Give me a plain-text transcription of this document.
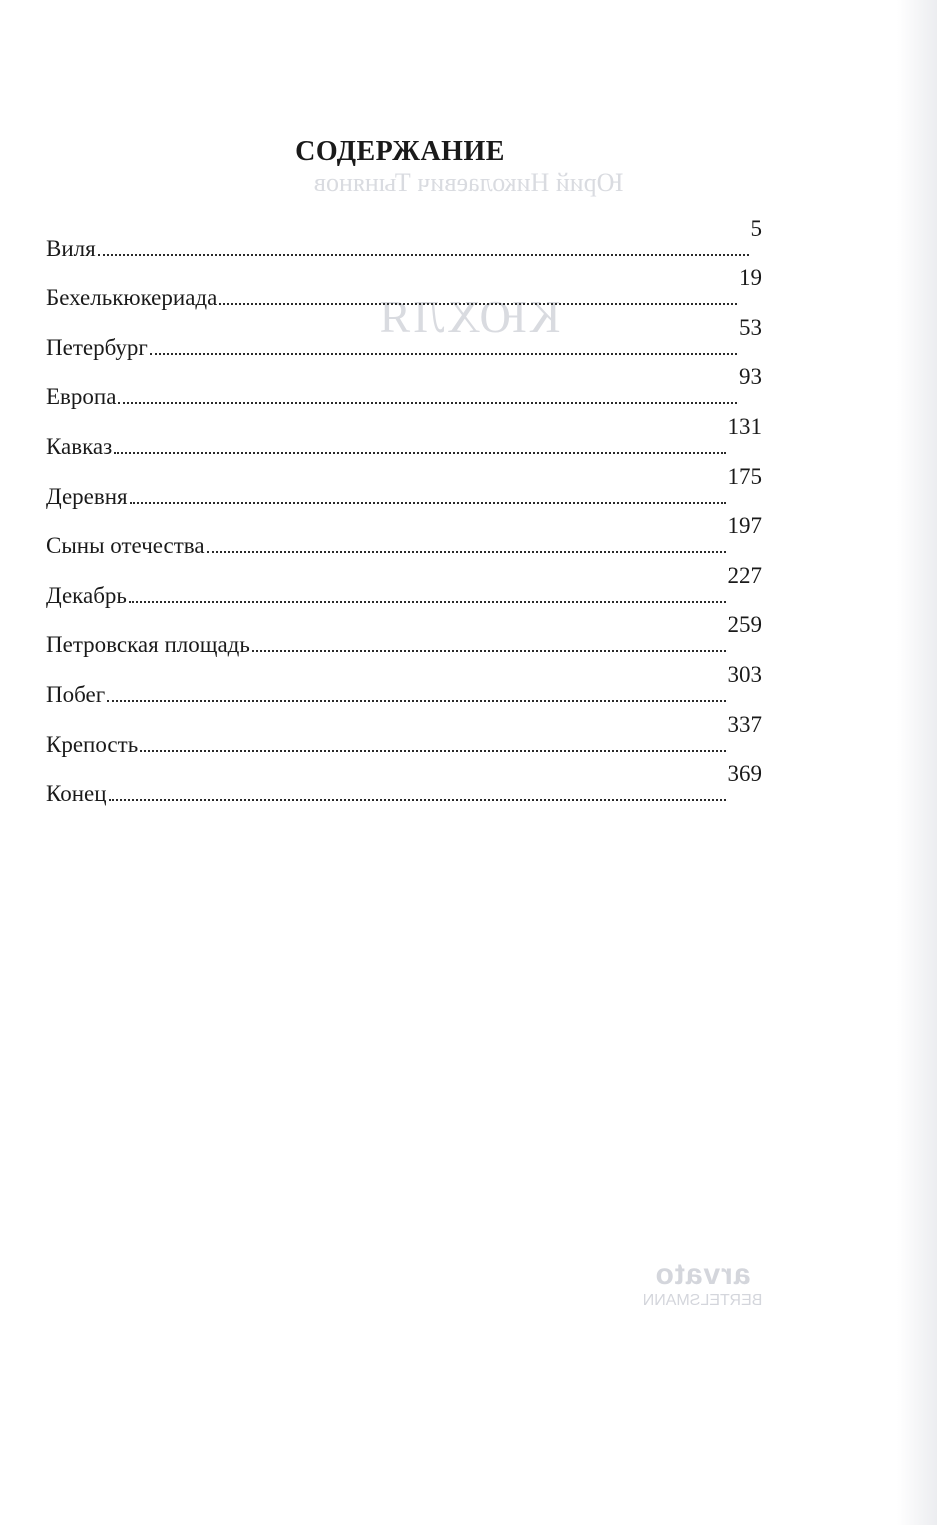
Юрий Николаевич Тынянов
КЮХЛЯ
arvato
BERTELSMANN
СОДЕРЖАНИЕ
Виля
5
Бехелькюкериада
19
Петербург
53
Европа
93
Кавказ
131
Деревня
175
Сыны отечества
197
Декабрь
227
Петровская площадь
259
Побег
303
Крепость
337
Конец
369
